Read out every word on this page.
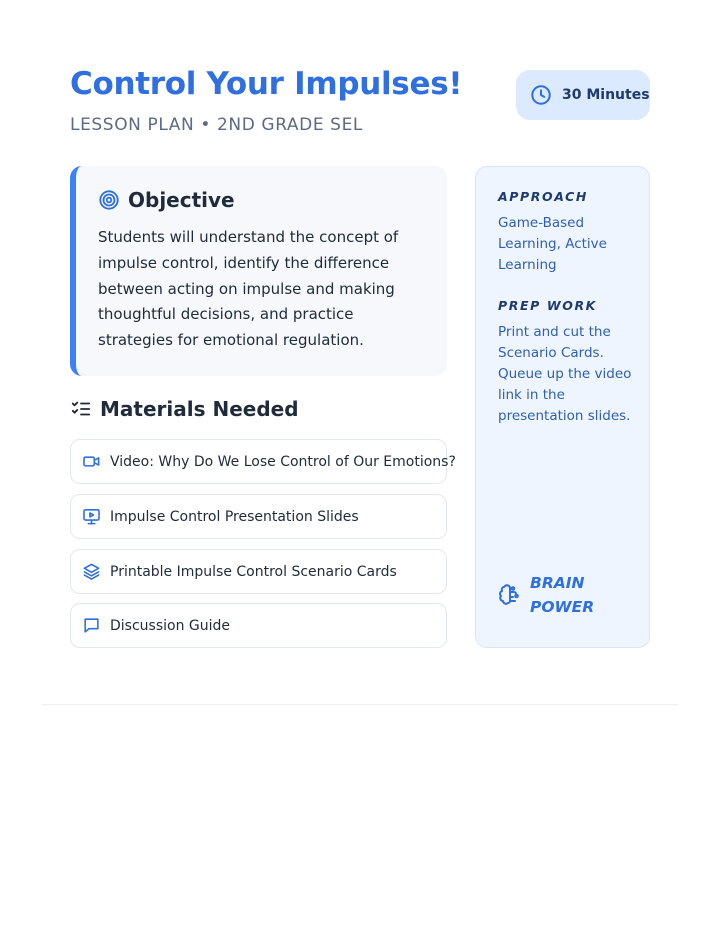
Control Your Impulses!
LESSON PLAN • 2ND GRADE SEL
30 Minutes
Objective

Students will understand the concept of impulse control, identify the difference between acting on impulse and making thoughtful decisions, and practice strategies for emotional regulation.

Materials Needed
Video: Why Do We Lose Control of Our Emotions?
Impulse Control Presentation Slides
Printable Impulse Control Scenario Cards
Discussion Guide
APPROACH
Game-Based Learning, Active Learning
PREP WORK
Print and cut the Scenario Cards. Queue up the video link in the presentation slides.
BRAIN POWER
